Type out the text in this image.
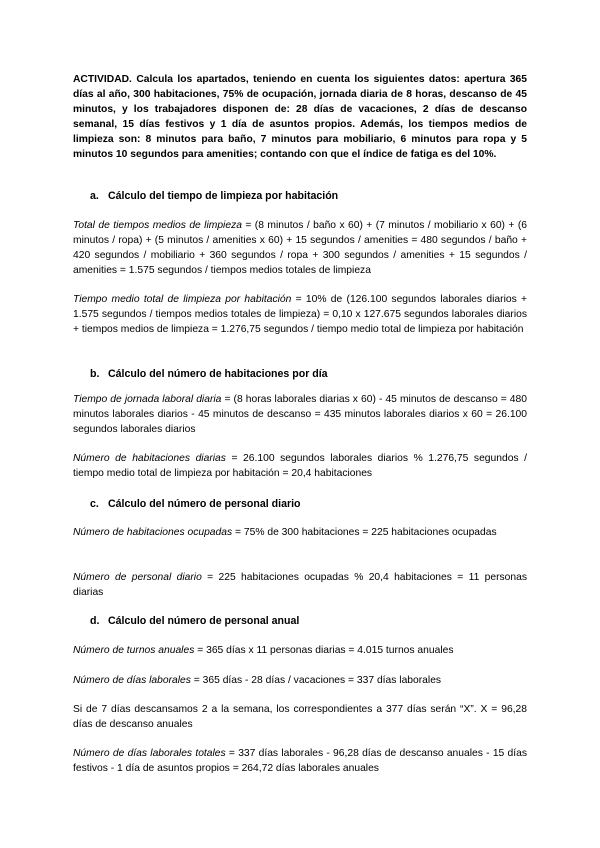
ACTIVIDAD. Calcula los apartados, teniendo en cuenta los siguientes datos: apertura 365 días al año, 300 habitaciones, 75% de ocupación, jornada diaria de 8 horas, descanso de 45 minutos, y los trabajadores disponen de: 28 días de vacaciones, 2 días de descanso semanal, 15 días festivos y 1 día de asuntos propios. Además, los tiempos medios de limpieza son: 8 minutos para baño, 7 minutos para mobiliario, 6 minutos para ropa y 5 minutos 10 segundos para amenities; contando con que el índice de fatiga es del 10%.

a. Cálculo del tiempo de limpieza por habitación

Total de tiempos medios de limpieza = (8 minutos / baño x 60) + (7 minutos / mobiliario x 60) + (6 minutos / ropa) + (5 minutos / amenities x 60) + 15 segundos / amenities = 480 segundos / baño + 420 segundos / mobiliario + 360 segundos / ropa + 300 segundos / amenities + 15 segundos / amenities = 1.575 segundos / tiempos medios totales de limpieza

Tiempo medio total de limpieza por habitación = 10% de (126.100 segundos laborales diarios + 1.575 segundos / tiempos medios totales de limpieza) = 0,10 x 127.675 segundos laborales diarios + tiempos medios de limpieza = 1.276,75 segundos / tiempo medio total de limpieza por habitación

b. Cálculo del número de habitaciones por día

Tiempo de jornada laboral diaria = (8 horas laborales diarias x 60) - 45 minutos de descanso = 480 minutos laborales diarios - 45 minutos de descanso = 435 minutos laborales diarios x 60 = 26.100 segundos laborales diarios

Número de habitaciones diarias = 26.100 segundos laborales diarios % 1.276,75 segundos / tiempo medio total de limpieza por habitación = 20,4 habitaciones

c. Cálculo del número de personal diario

Número de habitaciones ocupadas = 75% de 300 habitaciones = 225 habitaciones ocupadas

Número de personal diario = 225 habitaciones ocupadas % 20,4 habitaciones = 11 personas diarias

d. Cálculo del número de personal anual

Número de turnos anuales = 365 días x 11 personas diarias = 4.015 turnos anuales

Número de días laborales = 365 días - 28 días / vacaciones = 337 días laborales

Si de 7 días descansamos 2 a la semana, los correspondientes a 377 días serán “X”. X = 96,28 días de descanso anuales

Número de días laborales totales = 337 días laborales - 96,28 días de descanso anuales - 15 días festivos - 1 día de asuntos propios = 264,72 días laborales anuales
